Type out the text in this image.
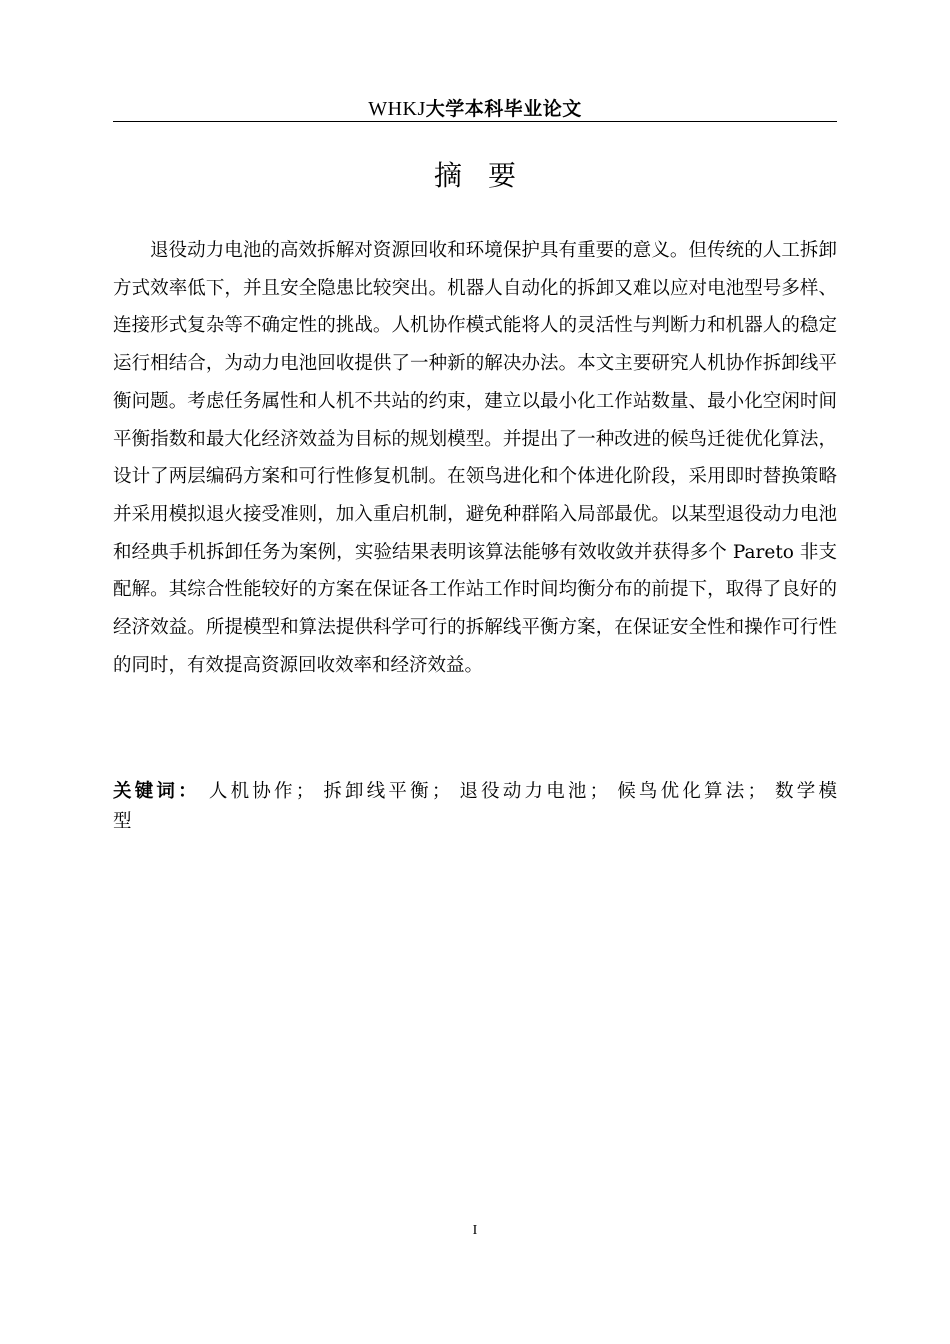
WHKJ大学本科毕业论文
摘要

退役动力电池的高效拆解对资源回收和环境保护具有重要的意义。但传统的人工拆卸方式效率低下，并且安全隐患比较突出。机器人自动化的拆卸又难以应对电池型号多样、连接形式复杂等不确定性的挑战。人机协作模式能将人的灵活性与判断力和机器人的稳定运行相结合，为动力电池回收提供了一种新的解决办法。本文主要研究人机协作拆卸线平衡问题。考虑任务属性和人机不共站的约束，建立以最小化工作站数量、最小化空闲时间平衡指数和最大化经济效益为目标的规划模型。并提出了一种改进的候鸟迁徙优化算法，设计了两层编码方案和可行性修复机制。在领鸟进化和个体进化阶段，采用即时替换策略并采用模拟退火接受准则，加入重启机制，避免种群陷入局部最优。以某型退役动力电池和经典手机拆卸任务为案例，实验结果表明该算法能够有效收敛并获得多个 Pareto 非支配解。其综合性能较好的方案在保证各工作站工作时间均衡分布的前提下，取得了良好的经济效益。所提模型和算法提供科学可行的拆解线平衡方案，在保证安全性和操作可行性的同时，有效提高资源回收效率和经济效益。

关键词： 人机协作； 拆卸线平衡； 退役动力电池； 候鸟优化算法； 数学模
型
I
